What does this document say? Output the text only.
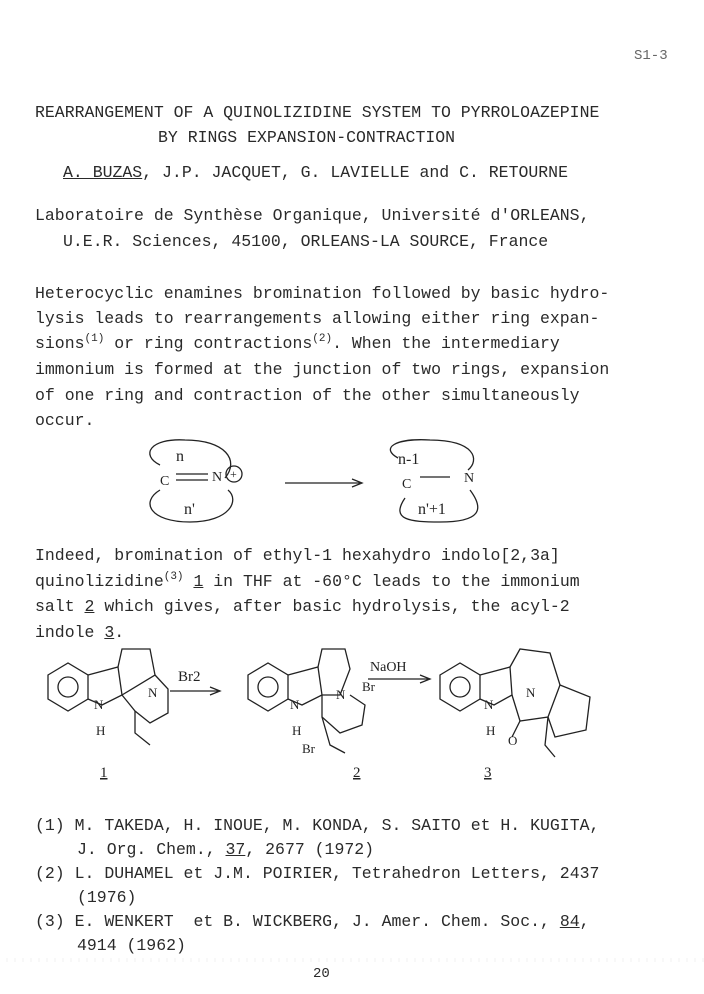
S1-3
REARRANGEMENT OF A QUINOLIZIDINE SYSTEM TO PYRROLOAZEPINE
BY RINGS EXPANSION-CONTRACTION
A. BUZAS, J.P. JACQUET, G. LAVIELLE and C. RETOURNE
Laboratoire de Synthèse Organique, Université d'ORLEANS,
U.E.R. Sciences, 45100, ORLEANS-LA SOURCE, France
Heterocyclic enamines bromination followed by basic hydro-
lysis leads to rearrangements allowing either ring expan-
sions$^{(1)}$ or ring contractions$^{(2)}$. When the intermediary
immonium is formed at the junction of two rings, expansion
of one ring and contraction of the other simultaneously
occur.
n
C	N +
n'
n-1
C	N
n'+1
Indeed, bromination of ethyl-1 hexahydro indolo[2,3a]
quinolizidine$^{(3)}$ 1 in THF at -60°C leads to the immonium
salt 2 which gives, after basic hydrolysis, the acyl-2
indole 3.
Br2
NaOH
N
H
N
N
H
N
Br
Br
N
H
N
O
1	2	3
(1) M. TAKEDA, H. INOUE, M. KONDA, S. SAITO et H. KUGITA,
J. Org. Chem., 37, 2677 (1972)
(2) L. DUHAMEL et J.M. POIRIER, Tetrahedron Letters, 2437
(1976)
(3) E. WENKERT  et B. WICKBERG, J. Amer. Chem. Soc., 84,
4914 (1962)
20
